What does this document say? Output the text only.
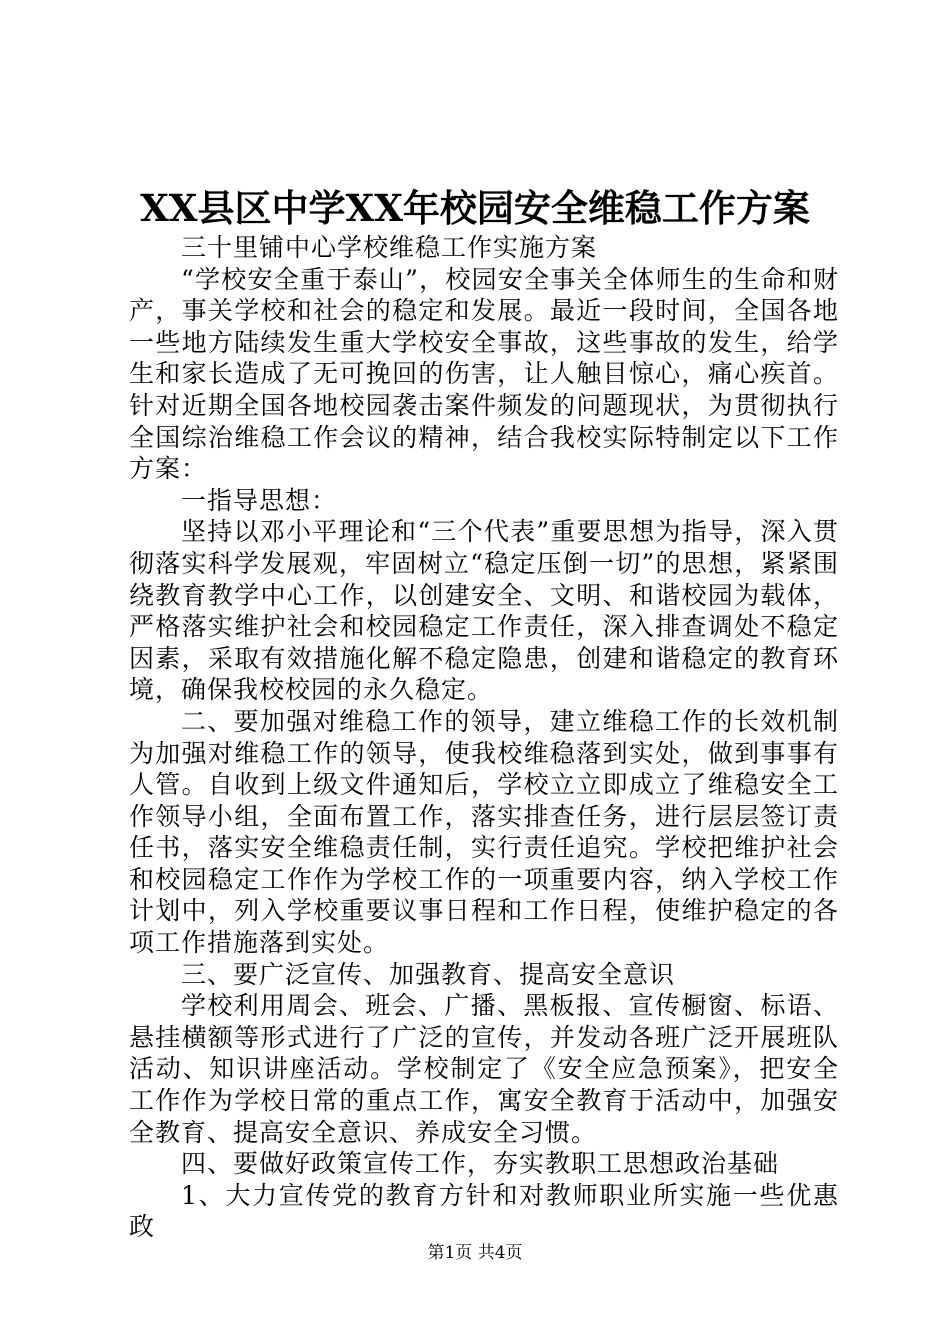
XX县区中学XX年校园安全维稳工作方案

三十里铺中心学校维稳工作实施方案

“学校安全重于泰山”，校园安全事关全体师生的生命和财产，事关学校和社会的稳定和发展。最近一段时间，全国各地一些地方陆续发生重大学校安全事故，这些事故的发生，给学生和家长造成了无可挽回的伤害，让人触目惊心，痛心疾首。针对近期全国各地校园袭击案件频发的问题现状，为贯彻执行全国综治维稳工作会议的精神，结合我校实际特制定以下工作方案：

一指导思想：

坚持以邓小平理论和“三个代表”重要思想为指导，深入贯彻落实科学发展观，牢固树立“稳定压倒一切”的思想，紧紧围绕教育教学中心工作，以创建安全、文明、和谐校园为载体，严格落实维护社会和校园稳定工作责任，深入排查调处不稳定因素，采取有效措施化解不稳定隐患，创建和谐稳定的教育环境，确保我校校园的永久稳定。

二、要加强对维稳工作的领导，建立维稳工作的长效机制为加强对维稳工作的领导，使我校维稳落到实处，做到事事有人管。自收到上级文件通知后，学校立立即成立了维稳安全工作领导小组，全面布置工作，落实排查任务，进行层层签订责任书，落实安全维稳责任制，实行责任追究。学校把维护社会和校园稳定工作作为学校工作的一项重要内容，纳入学校工作计划中，列入学校重要议事日程和工作日程，使维护稳定的各项工作措施落到实处。

三、要广泛宣传、加强教育、提高安全意识

学校利用周会、班会、广播、黑板报、宣传橱窗、标语、悬挂横额等形式进行了广泛的宣传，并发动各班广泛开展班队活动、知识讲座活动。学校制定了《安全应急预案》，把安全工作作为学校日常的重点工作，寓安全教育于活动中，加强安全教育、提高安全意识、养成安全习惯。

四、要做好政策宣传工作，夯实教职工思想政治基础

1、大力宣传党的教育方针和对教师职业所实施一些优惠政

第1页 共4页
